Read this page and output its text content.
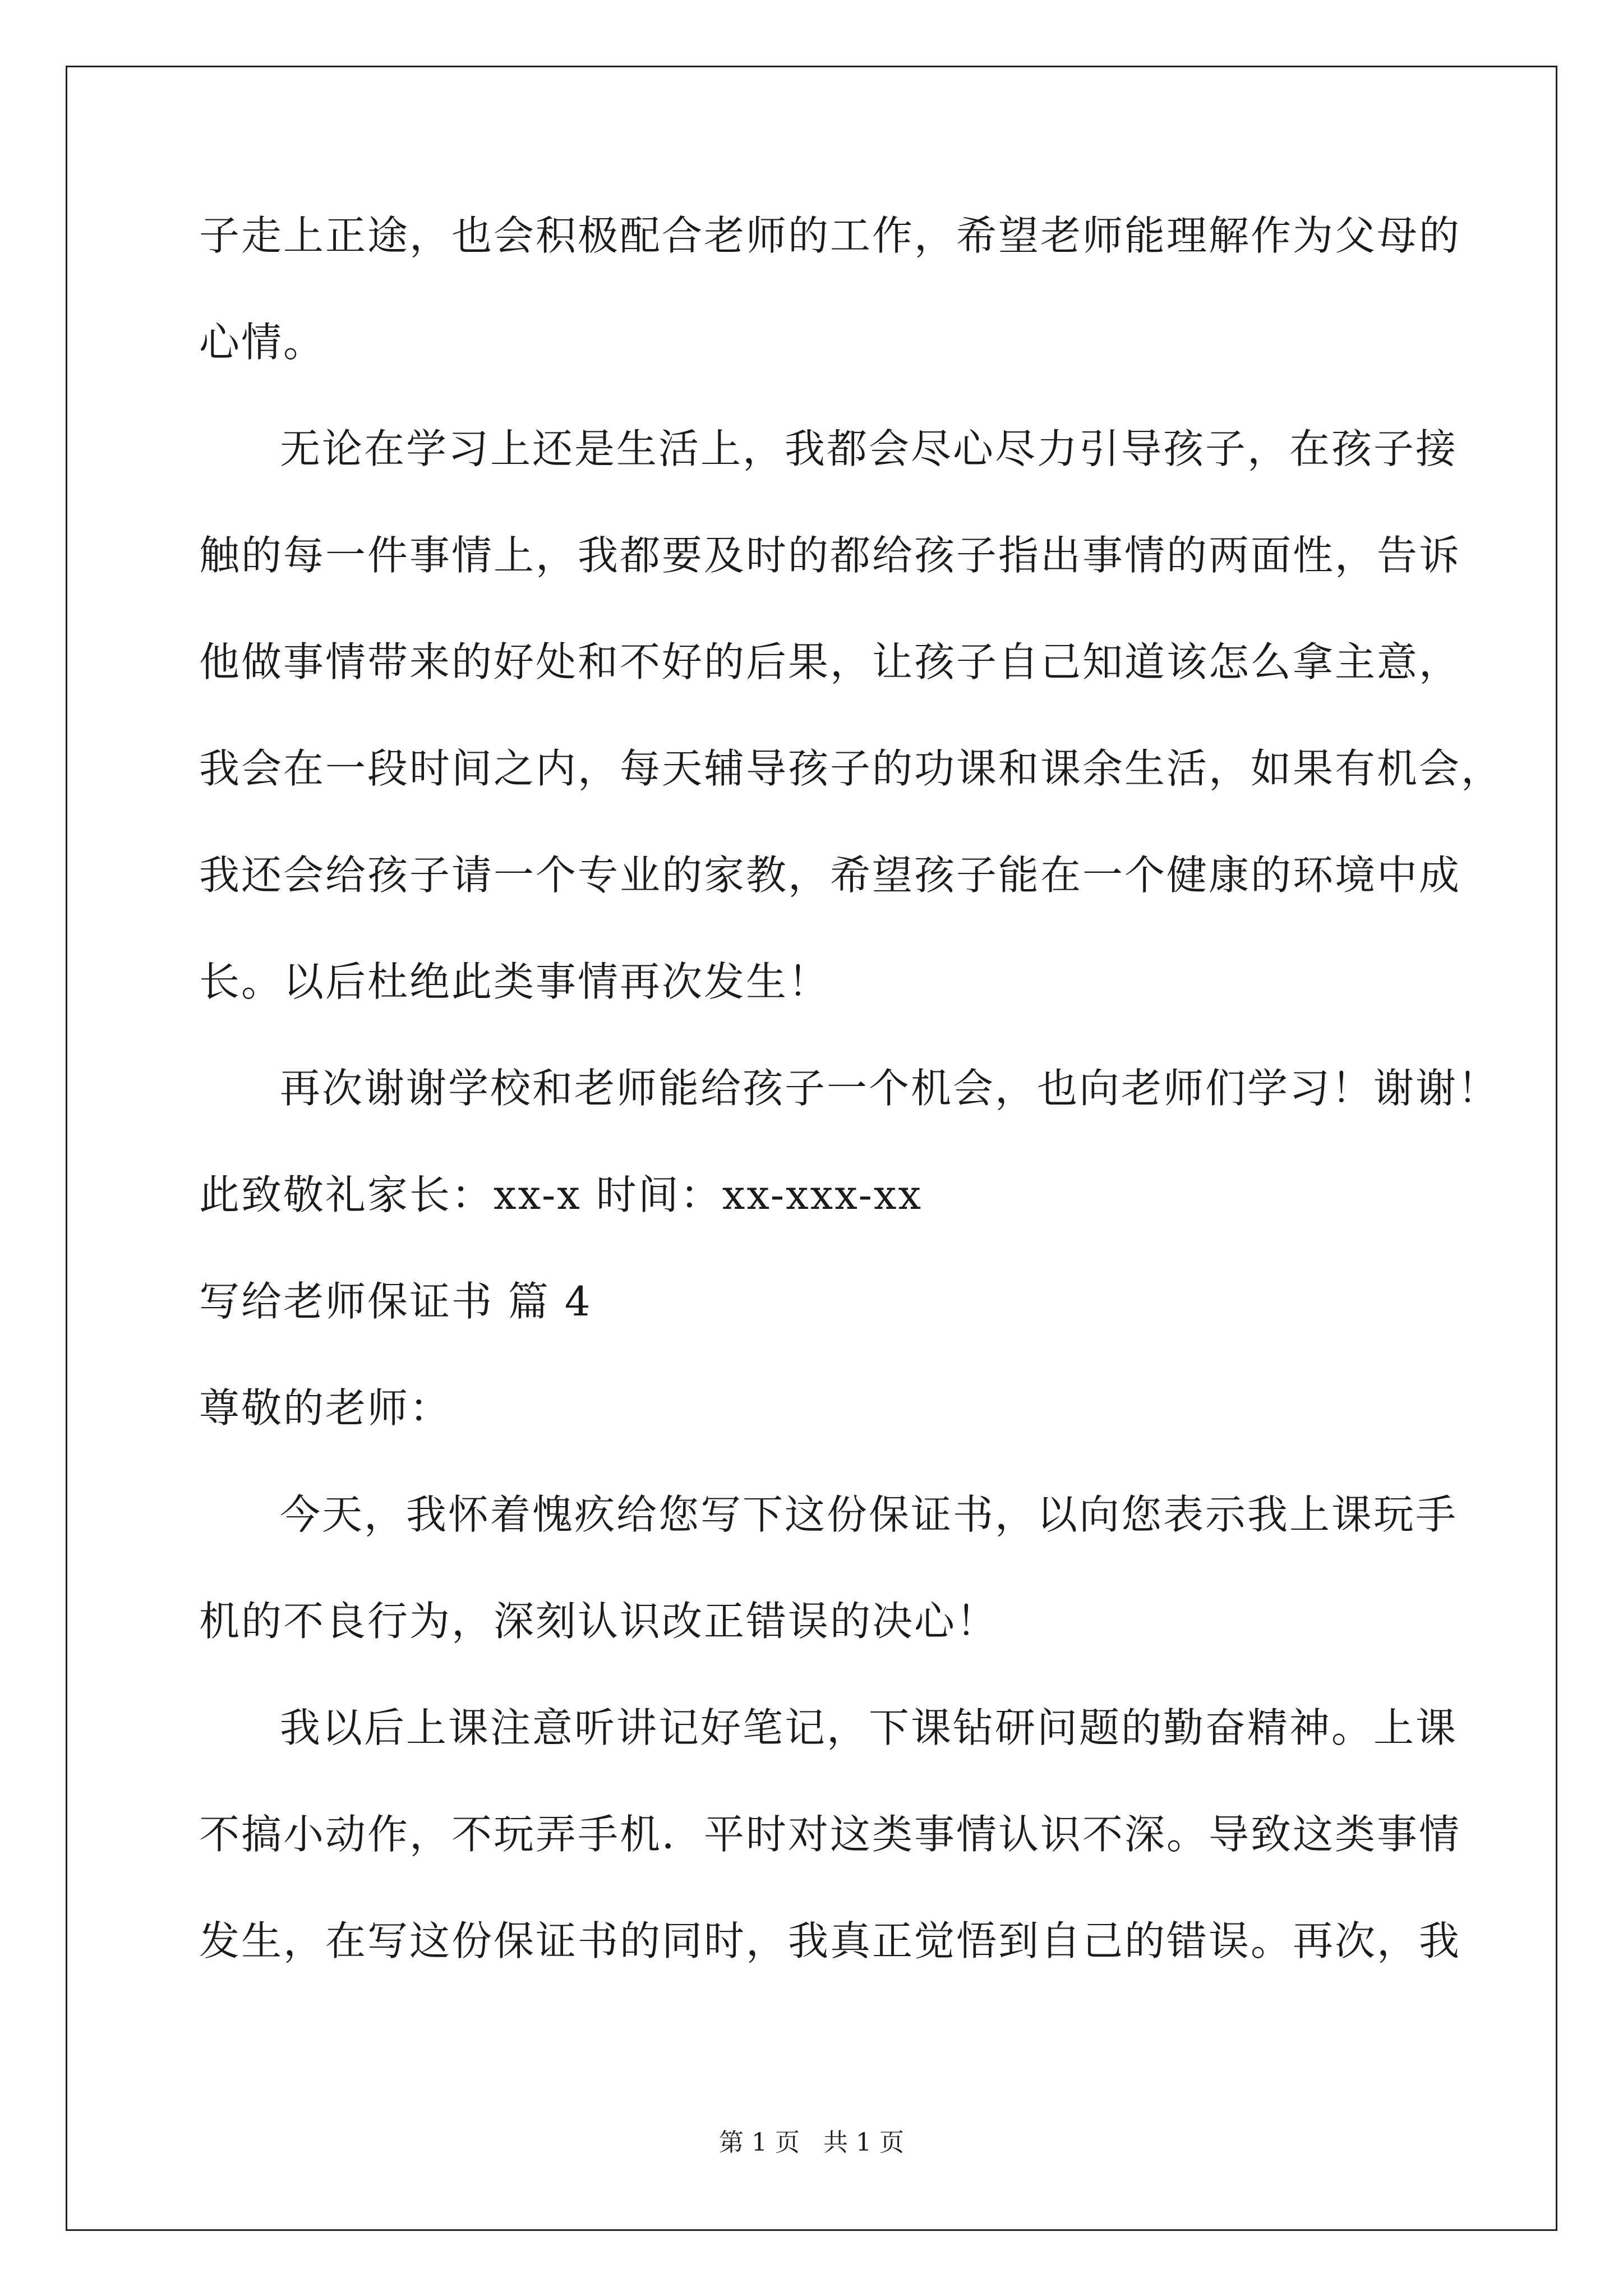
子走上正途，也会积极配合老师的工作，希望老师能理解作为父母的
心情。
无论在学习上还是生活上，我都会尽心尽力引导孩子，在孩子接
触的每一件事情上，我都要及时的都给孩子指出事情的两面性，告诉
他做事情带来的好处和不好的后果，让孩子自己知道该怎么拿主意，
我会在一段时间之内，每天辅导孩子的功课和课余生活，如果有机会，
我还会给孩子请一个专业的家教，希望孩子能在一个健康的环境中成
长。以后杜绝此类事情再次发生！
再次谢谢学校和老师能给孩子一个机会，也向老师们学习！谢谢！
此致敬礼家长：xx-x 时间：xx-xxx-xx
写给老师保证书 篇 4
尊敬的老师：
今天，我怀着愧疚给您写下这份保证书，以向您表示我上课玩手
机的不良行为，深刻认识改正错误的决心！
我以后上课注意听讲记好笔记，下课钻研问题的勤奋精神。上课
不搞小动作，不玩弄手机．平时对这类事情认识不深。导致这类事情
发生，在写这份保证书的同时，我真正觉悟到自己的错误。再次，我
第 1 页   共 1 页
